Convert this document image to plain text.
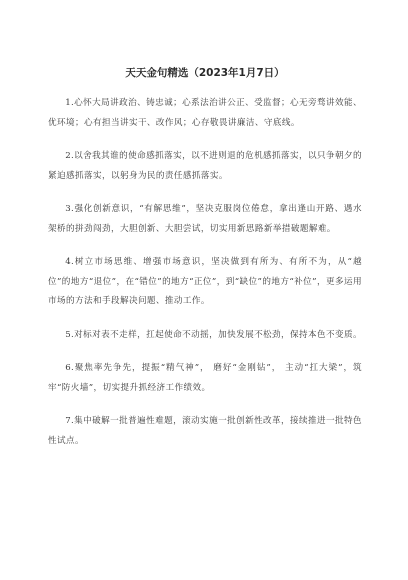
天天金句精选（2023年1月7日）

1.心怀大局讲政治、铸忠诚；心系法治讲公正、受监督；心无旁骛讲效能、优环境；心有担当讲实干、改作风；心存敬畏讲廉洁、守底线。

2.以舍我其谁的使命感抓落实，以不进则退的危机感抓落实，以只争朝夕的紧迫感抓落实，以躬身为民的责任感抓落实。

3.强化创新意识，“有解思维”，坚决克服岗位倦怠，拿出逢山开路、遇水架桥的拼劲闯劲，大胆创新、大胆尝试，切实用新思路新举措破题解难。

4.树立市场思维、增强市场意识，坚决做到有所为、有所不为，从“越位”的地方“退位”，在“错位”的地方“正位”，到“缺位”的地方“补位”，更多运用市场的方法和手段解决问题、推动工作。

5.对标对表不走样，扛起使命不动摇，加快发展不松劲，保持本色不变质。

6.聚焦率先争先，提振“精气神”， 磨好“金刚钻”， 主动“扛大梁”，筑牢“防火墙”，切实提升抓经济工作绩效。

7.集中破解一批普遍性难题，滚动实施一批创新性改革，接续推进一批特色性试点。
